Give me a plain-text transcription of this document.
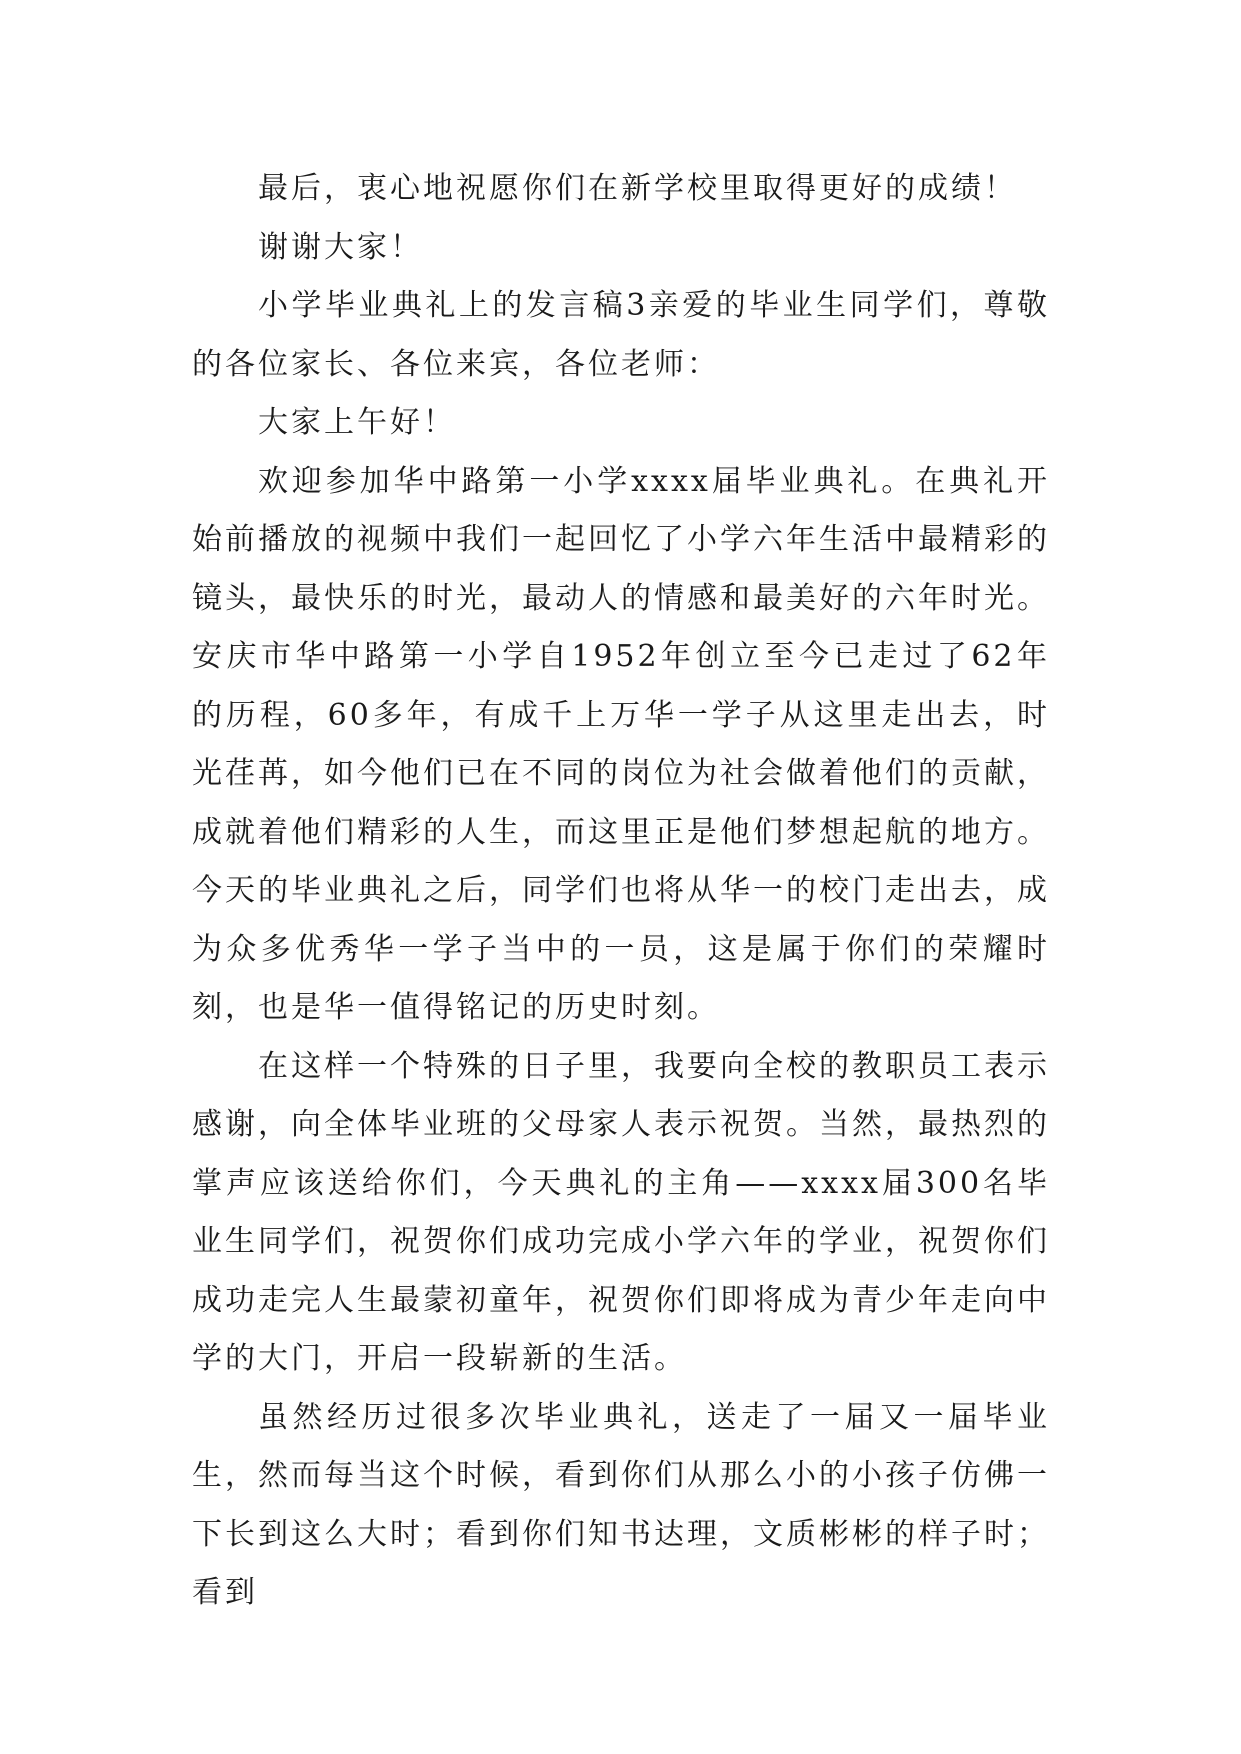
最后，衷心地祝愿你们在新学校里取得更好的成绩！

谢谢大家！

小学毕业典礼上的发言稿3亲爱的毕业生同学们，尊敬的各位家长、各位来宾，各位老师：

大家上午好！

欢迎参加华中路第一小学xxxx届毕业典礼。在典礼开始前播放的视频中我们一起回忆了小学六年生活中最精彩的镜头，最快乐的时光，最动人的情感和最美好的六年时光。安庆市华中路第一小学自1952年创立至今已走过了62年的历程，60多年，有成千上万华一学子从这里走出去，时光荏苒，如今他们已在不同的岗位为社会做着他们的贡献，成就着他们精彩的人生，而这里正是他们梦想起航的地方。今天的毕业典礼之后，同学们也将从华一的校门走出去，成为众多优秀华一学子当中的一员，这是属于你们的荣耀时刻，也是华一值得铭记的历史时刻。

在这样一个特殊的日子里，我要向全校的教职员工表示感谢，向全体毕业班的父母家人表示祝贺。当然，最热烈的掌声应该送给你们，今天典礼的主角——xxxx届300名毕业生同学们，祝贺你们成功完成小学六年的学业，祝贺你们成功走完人生最蒙初童年，祝贺你们即将成为青少年走向中学的大门，开启一段崭新的生活。

虽然经历过很多次毕业典礼，送走了一届又一届毕业生，然而每当这个时候，看到你们从那么小的小孩子仿佛一下长到这么大时；看到你们知书达理，文质彬彬的样子时；看到
